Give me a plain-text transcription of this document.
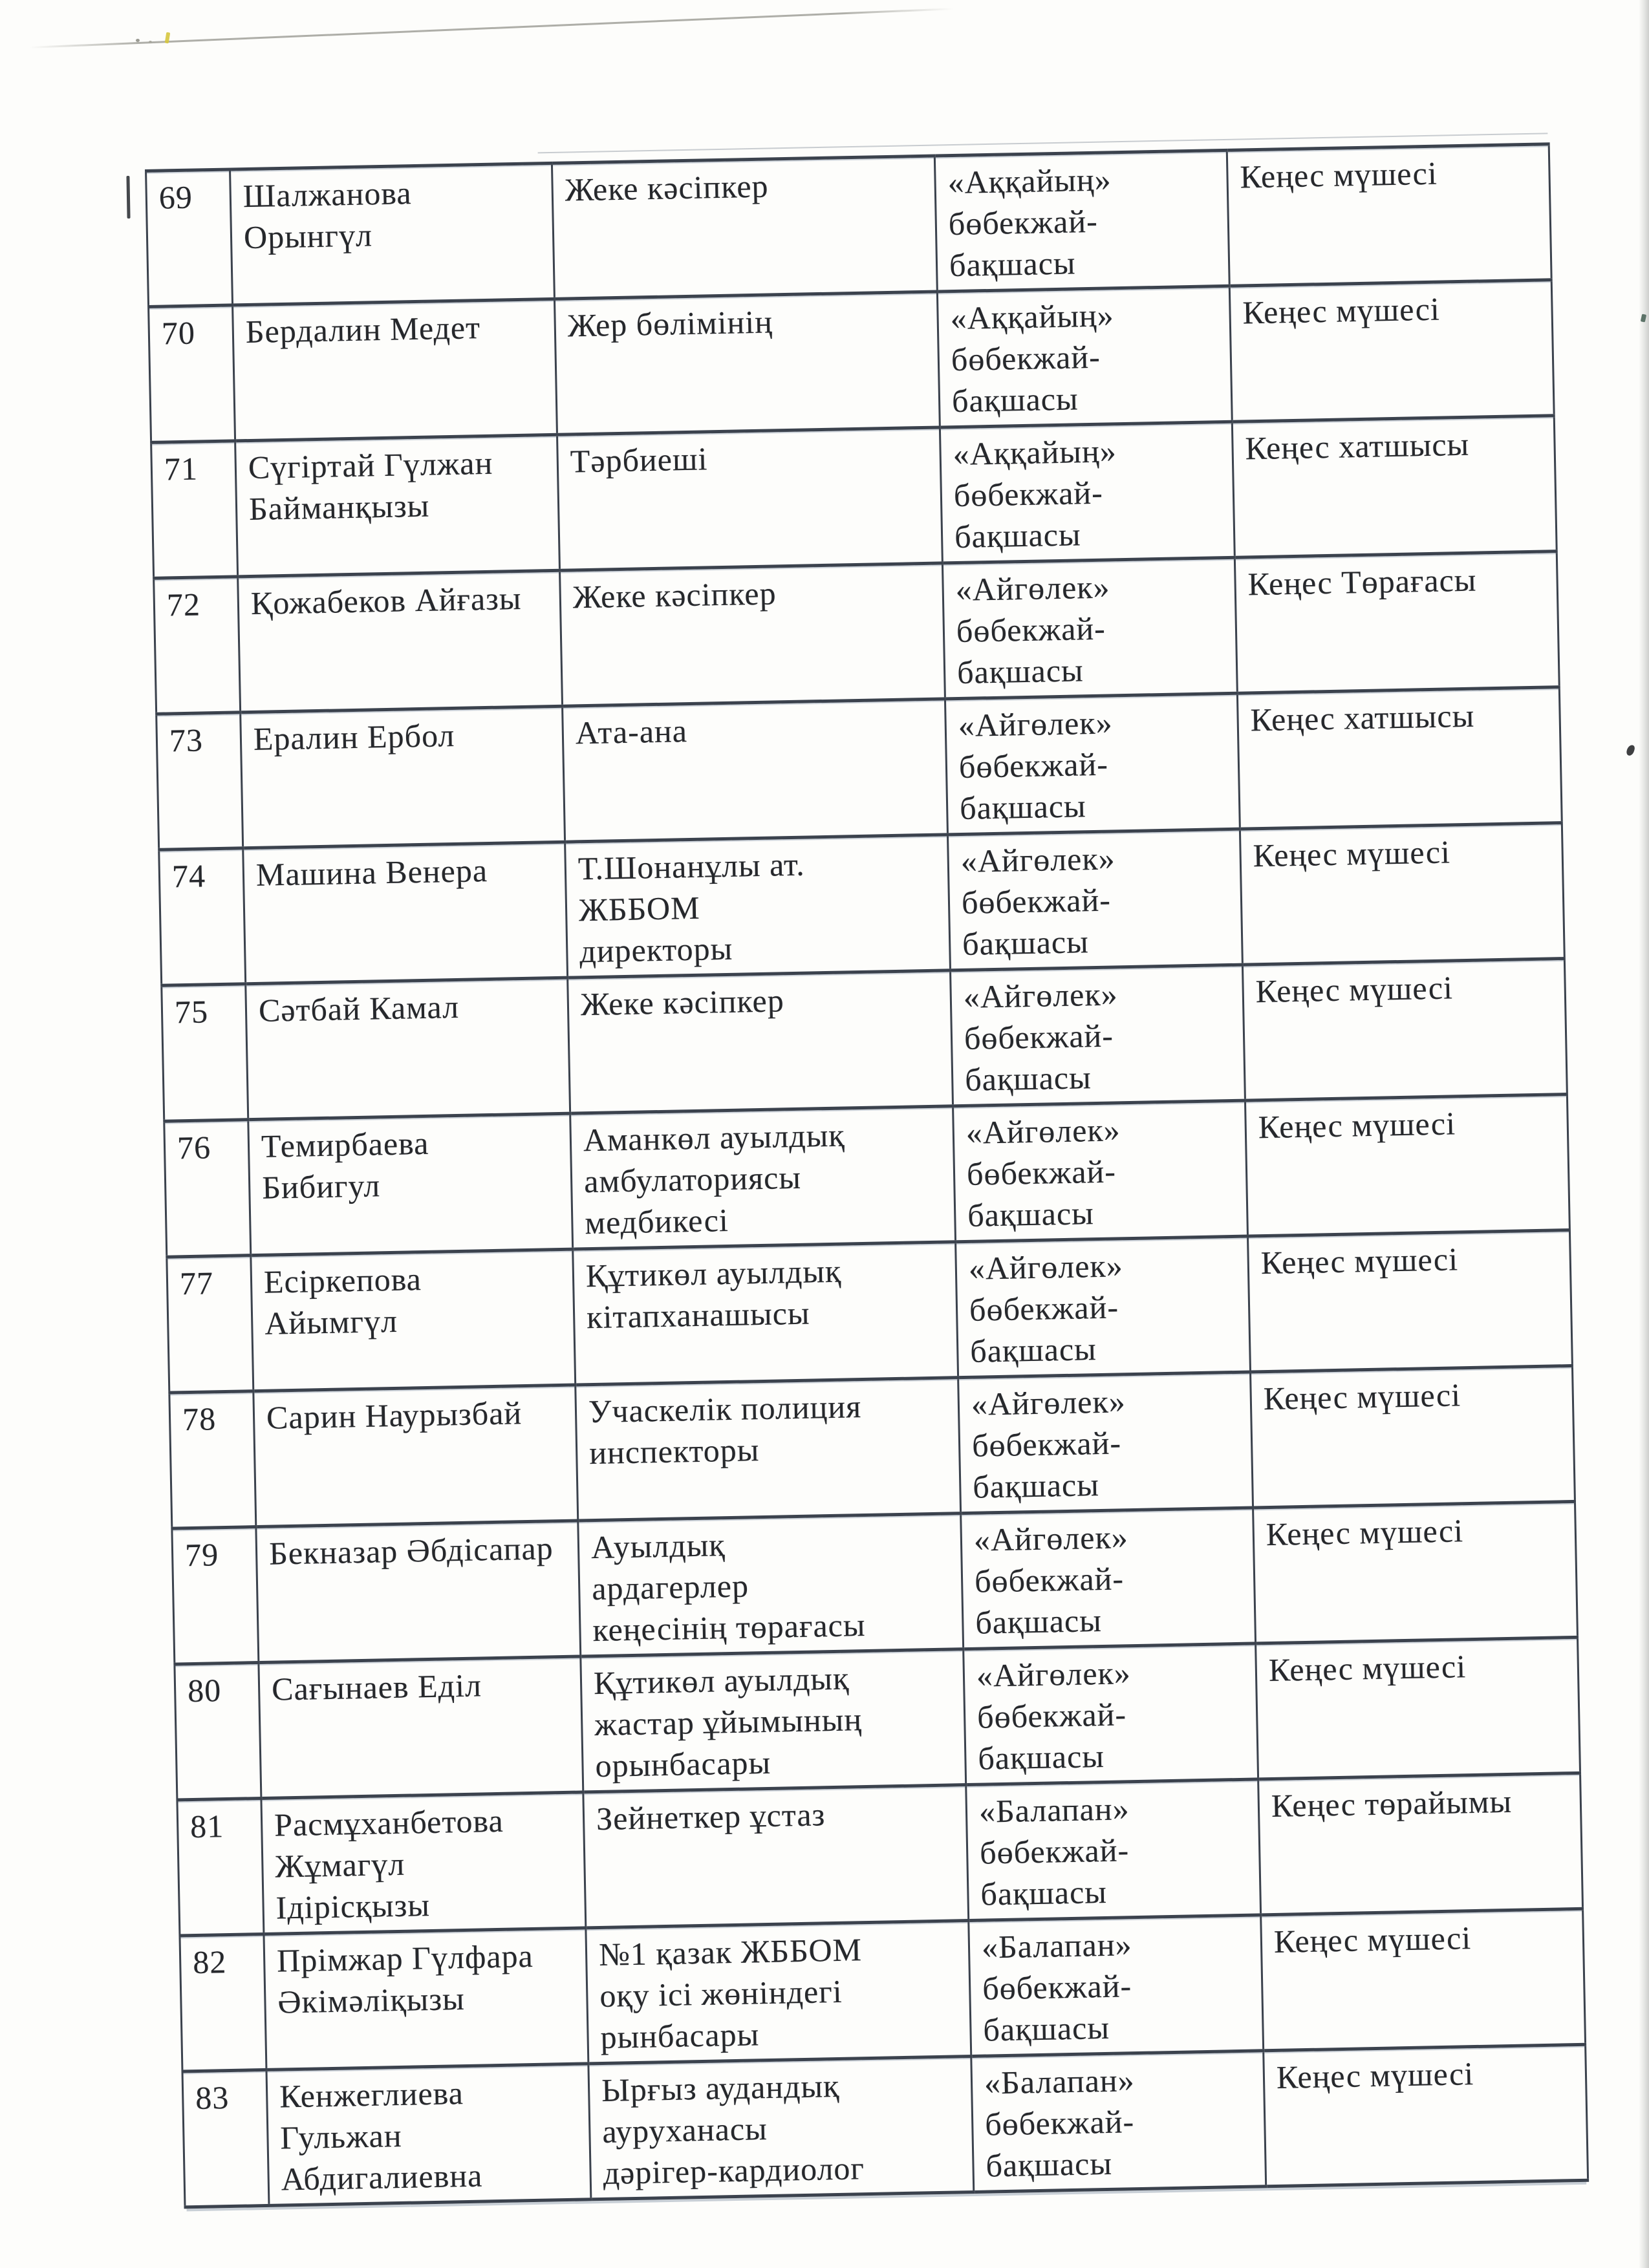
69	Шалжанова
Орынгүл	Жеке кәсіпкер	«Аққайың»
бөбекжай-
бақшасы	Кеңес мүшесі
70	Бердалин Медет	Жер бөлімінің	«Аққайың»
бөбекжай-
бақшасы	Кеңес мүшесі
71	Сүгіртай Гүлжан
Байманқызы	Тәрбиеші	«Аққайың»
бөбекжай-
бақшасы	Кеңес хатшысы
72	Қожабеков Айғазы	Жеке кәсіпкер	«Айгөлек»
бөбекжай-
бақшасы	Кеңес Төрағасы
73	Ералин Ербол	Ата-ана	«Айгөлек»
бөбекжай-
бақшасы	Кеңес хатшысы
74	Машина Венера	Т.Шонанұлы ат.
ЖББОМ
директоры	«Айгөлек»
бөбекжай-
бақшасы	Кеңес мүшесі
75	Сәтбай Камал	Жеке кәсіпкер	«Айгөлек»
бөбекжай-
бақшасы	Кеңес мүшесі
76	Темирбаева
Бибигул	Аманкөл ауылдық
амбулаториясы
медбикесі	«Айгөлек»
бөбекжай-
бақшасы	Кеңес мүшесі
77	Есіркепова
Айымгүл	Құтикөл ауылдық
кітапханашысы	«Айгөлек»
бөбекжай-
бақшасы	Кеңес мүшесі
78	Сарин Наурызбай	Учаскелік полиция
инспекторы	«Айгөлек»
бөбекжай-
бақшасы	Кеңес мүшесі
79	Бекназар Әбдісапар	Ауылдық
ардагерлер
кеңесінің төрағасы	«Айгөлек»
бөбекжай-
бақшасы	Кеңес мүшесі
80	Сағынаев Еділ	Құтикөл ауылдық
жастар ұйымының
орынбасары	«Айгөлек»
бөбекжай-
бақшасы	Кеңес мүшесі
81	Расмұханбетова
Жұмагүл
Ідірісқызы	Зейнеткер ұстаз	«Балапан»
бөбекжай-
бақшасы	Кеңес төрайымы
82	Прімжар Гүлфара
Әкімәліқызы	№1 қазак ЖББОМ
оқу ісі жөніндегі
рынбасары	«Балапан»
бөбекжай-
бақшасы	Кеңес мүшесі
83	Кенжеглиева
Гульжан
Абдигалиевна	Ырғыз аудандық
ауруханасы
дәрігер-кардиолог	«Балапан»
бөбекжай-
бақшасы	Кеңес мүшесі
